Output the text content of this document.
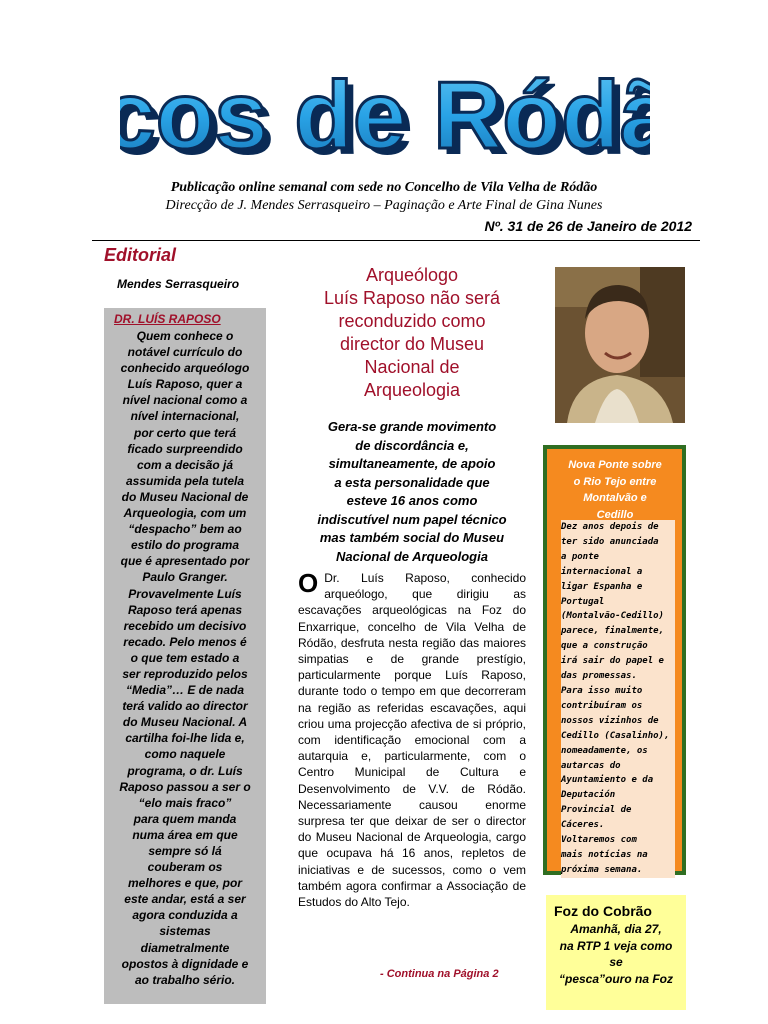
cos de Ród
cos de Ródã
Publicação online semanal com sede no Concelho de Vila Velha de Ródão
Direcção de J. Mendes Serrasqueiro – Paginação e Arte Final de Gina Nunes
Nº. 31 de 26 de Janeiro de 2012
Editorial
Mendes Serrasqueiro
DR. LUÍS RAPOSO
Quem conhece o
notável currículo do
conhecido arqueólogo
Luís Raposo, quer a
nível nacional como a
nível internacional,
por certo que terá
ficado surpreendido
com a decisão já
assumida pela tutela
do Museu Nacional de
Arqueologia, com um
“despacho” bem ao
estilo do programa
que é apresentado por
Paulo Granger.
Provavelmente Luís
Raposo terá apenas
recebido um decisivo
recado. Pelo menos é
o que tem estado a
ser reproduzido pelos
“Media”… E de nada
terá valido ao director
do Museu Nacional. A
cartilha foi-lhe lida e,
como naquele
programa, o dr. Luís
Raposo passou a ser o
“elo mais fraco”
para quem manda
numa área em que
sempre só lá
couberam os
melhores e que, por
este andar, está a ser
agora conduzida a
sistemas
diametralmente
opostos à dignidade e
ao trabalho sério.
Arqueólogo
Luís Raposo não será
reconduzido como
director do Museu
Nacional de
Arqueologia
Gera-se grande movimento
de discordância e,
simultaneamente, de apoio
a esta personalidade que
esteve 16 anos como
indiscutível num papel técnico
mas também social do Museu
Nacional de Arqueologia
O Dr. Luís Raposo, conhecido arqueólogo, que dirigiu as escavações arqueológicas na Foz do Enxarrique, concelho de Vila Velha de Ródão, desfruta nesta região das maiores simpatias e de grande prestígio, particularmente porque Luís Raposo, durante todo o tempo em que decorreram na região as referidas escavações, aqui criou uma projecção afectiva de si próprio, com identificação emocional com a autarquia e, particularmente, com o Centro Municipal de Cultura e Desenvolvimento de V.V. de Ródão. Necessariamente causou enorme surpresa ter que deixar de ser o director do Museu Nacional de Arqueologia, cargo que ocupava há 16 anos, repletos de iniciativas e de sucessos, como o vem também agora confirmar a Associação de Estudos do Alto Tejo.
- Continua na Página 2
Nova Ponte sobre
o Rio Tejo entre
Montalvão e
Cedillo
Dez anos depois de
ter sido anunciada
a ponte
internacional a
ligar Espanha e
Portugal
(Montalvão-Cedillo)
parece, finalmente,
que a construção
irá sair do papel e
das promessas.
Para isso muito
contribuíram os
nossos vizinhos de
Cedillo (Casalinho),
nomeadamente, os
autarcas do
Ayuntamiento e da
Deputación
Provincial de
Cáceres.
Voltaremos com
mais notícias na
próxima semana.
Foz do Cobrão
Amanhã, dia 27,
na RTP 1 veja como
se
“pesca”ouro na Foz
